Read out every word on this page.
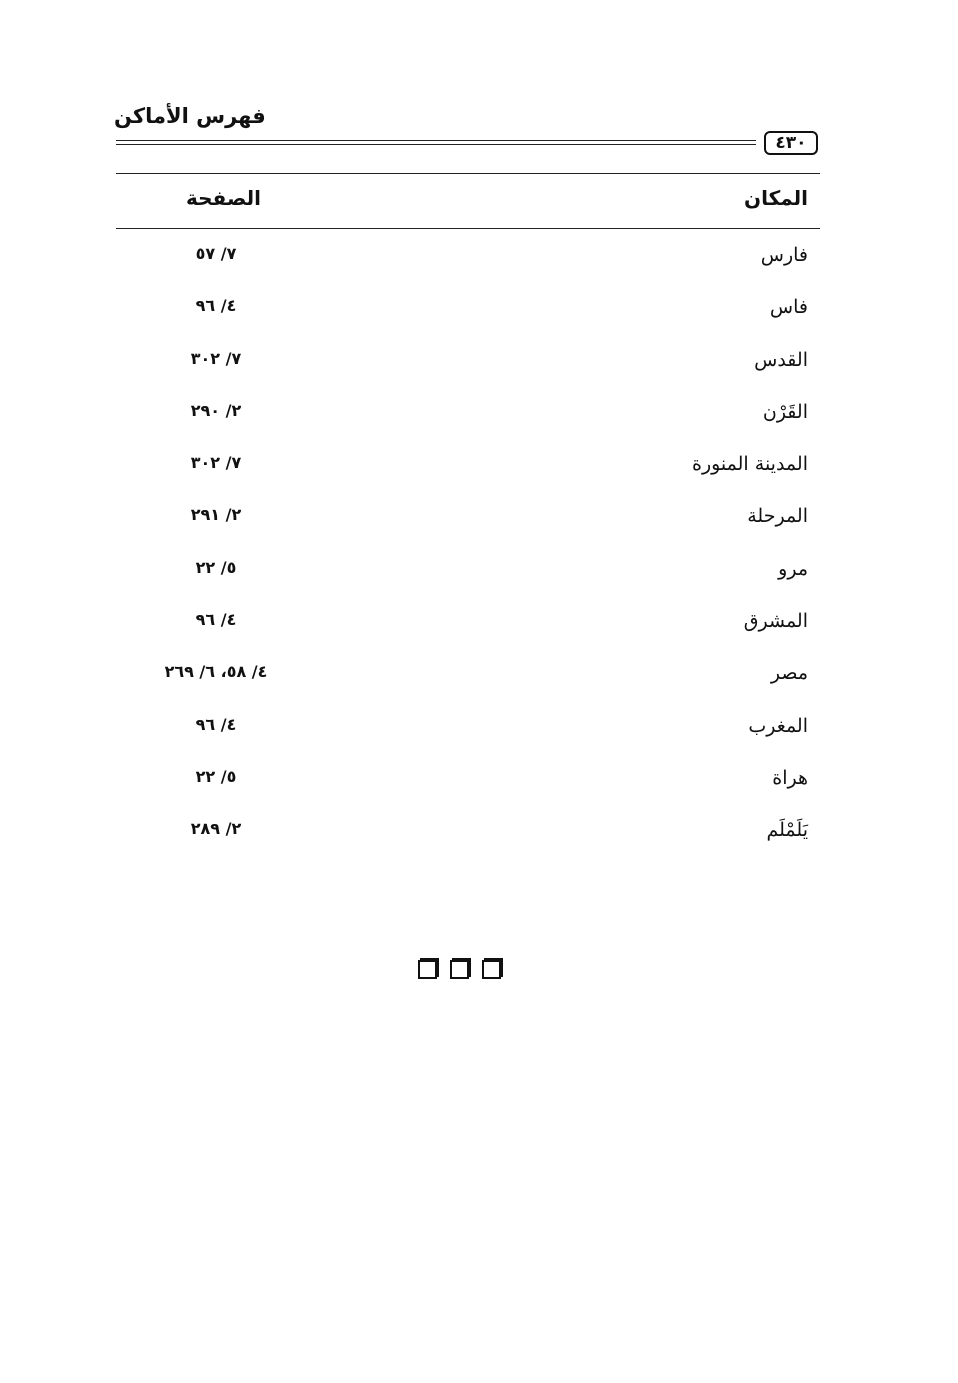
فهرس الأماكن
٤٣٠
المكان
الصفحة
فارس
٧/ ٥٧
فاس
٤/ ٩٦
القدس
٧/ ٣٠٢
القَرْن
٢/ ٢٩٠
المدينة المنورة
٧/ ٣٠٢
المرحلة
٢/ ٢٩١
مرو
٥/ ٢٢
المشرق
٤/ ٩٦
مصر
٤/ ٥٨، ٦/ ٢٦٩
المغرب
٤/ ٩٦
هراة
٥/ ٢٢
يَلَمْلَم
٢/ ٢٨٩
